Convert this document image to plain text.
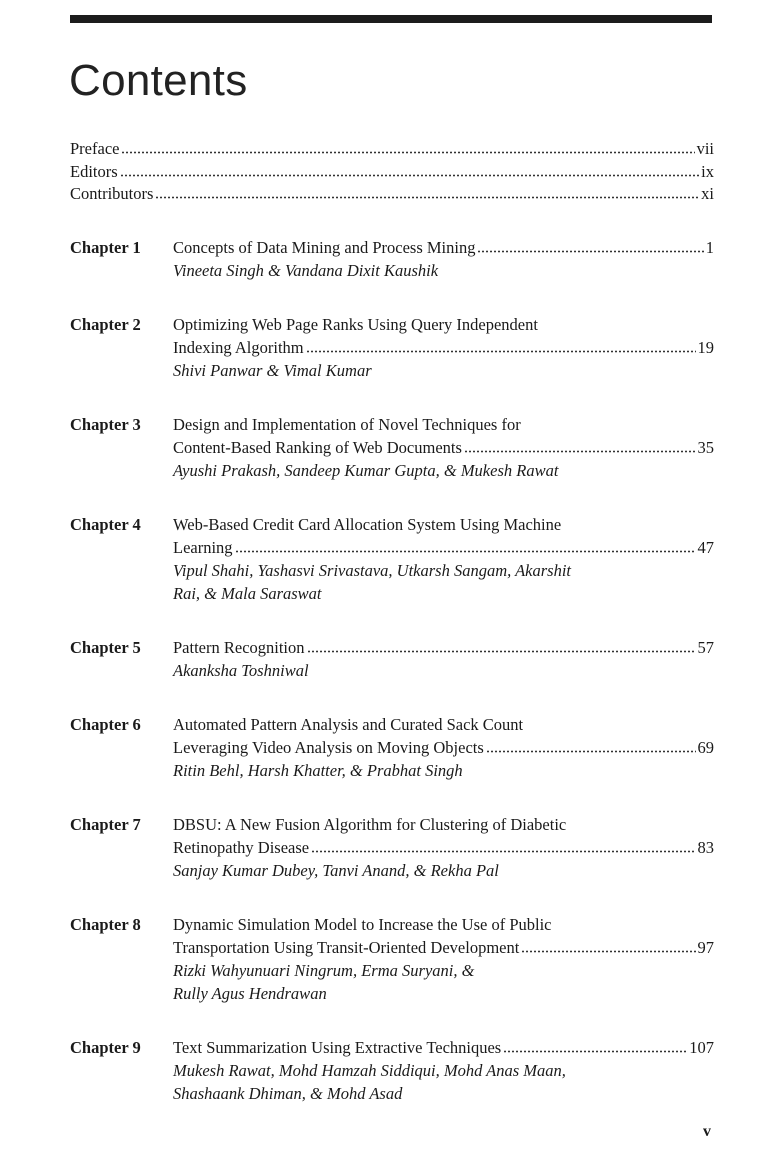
Contents
Preface	vii
Editors	ix
Contributors	xi
Chapter 1	Concepts of Data Mining and Process Mining	1
Vineeta Singh & Vandana Dixit Kaushik
Chapter 2	Optimizing Web Page Ranks Using Query Independent
Indexing Algorithm	19
Shivi Panwar & Vimal Kumar
Chapter 3	Design and Implementation of Novel Techniques for
Content-Based Ranking of Web Documents	35
Ayushi Prakash, Sandeep Kumar Gupta, & Mukesh Rawat
Chapter 4	Web-Based Credit Card Allocation System Using Machine
Learning	47
Vipul Shahi, Yashasvi Srivastava, Utkarsh Sangam, Akarshit
Rai, & Mala Saraswat
Chapter 5	Pattern Recognition	57
Akanksha Toshniwal
Chapter 6	Automated Pattern Analysis and Curated Sack Count
Leveraging Video Analysis on Moving Objects	69
Ritin Behl, Harsh Khatter, & Prabhat Singh
Chapter 7	DBSU: A New Fusion Algorithm for Clustering of Diabetic
Retinopathy Disease	83
Sanjay Kumar Dubey, Tanvi Anand, & Rekha Pal
Chapter 8	Dynamic Simulation Model to Increase the Use of Public
Transportation Using Transit-Oriented Development	97
Rizki Wahyunuari Ningrum, Erma Suryani, &
Rully Agus Hendrawan
Chapter 9	Text Summarization Using Extractive Techniques	107
Mukesh Rawat, Mohd Hamzah Siddiqui, Mohd Anas Maan,
Shashaank Dhiman, & Mohd Asad
v
